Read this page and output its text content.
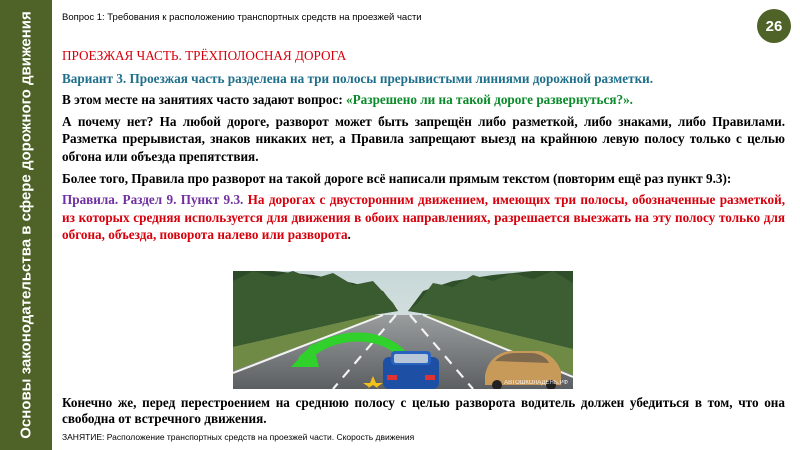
Основы законодательства в сфере дорожного движения	Вопрос 1: Требования к расположению транспортных средств на проезжей части	26

ПРОЕЗЖАЯ ЧАСТЬ. ТРЁХПОЛОСНАЯ ДОРОГА

Вариант 3. Проезжая часть разделена на три полосы прерывистыми линиями дорожной разметки.

В этом месте на занятиях часто задают вопрос: «Разрешено ли на такой дороге развернуться?».

А почему нет? На любой дороге, разворот может быть запрещён либо разметкой, либо знаками, либо Правилами. Разметка прерывистая, знаков никаких нет, а Правила запрещают выезд на крайнюю левую полосу только с целью обгона или объезда препятствия.

Более того, Правила про разворот на такой дороге всё написали прямым текстом (повторим ещё раз пункт 9.3):

Правила. Раздел 9. Пункт 9.3. На дорогах с двусторонним движением, имеющих три полосы, обозначенные разметкой, из которых средняя используется для движения в обоих направлениях, разрешается выезжать на эту полосу только для обгона, объезда, поворота налево или разворота.

АВТОШКОЛАДЕНЬ.РФ
Конечно же, перед перестроением на среднюю полосу с целью разворота водитель должен убедиться в том, что она свободна от встречного движения.
ЗАНЯТИЕ: Расположение транспортных средств на проезжей части. Скорость движения
